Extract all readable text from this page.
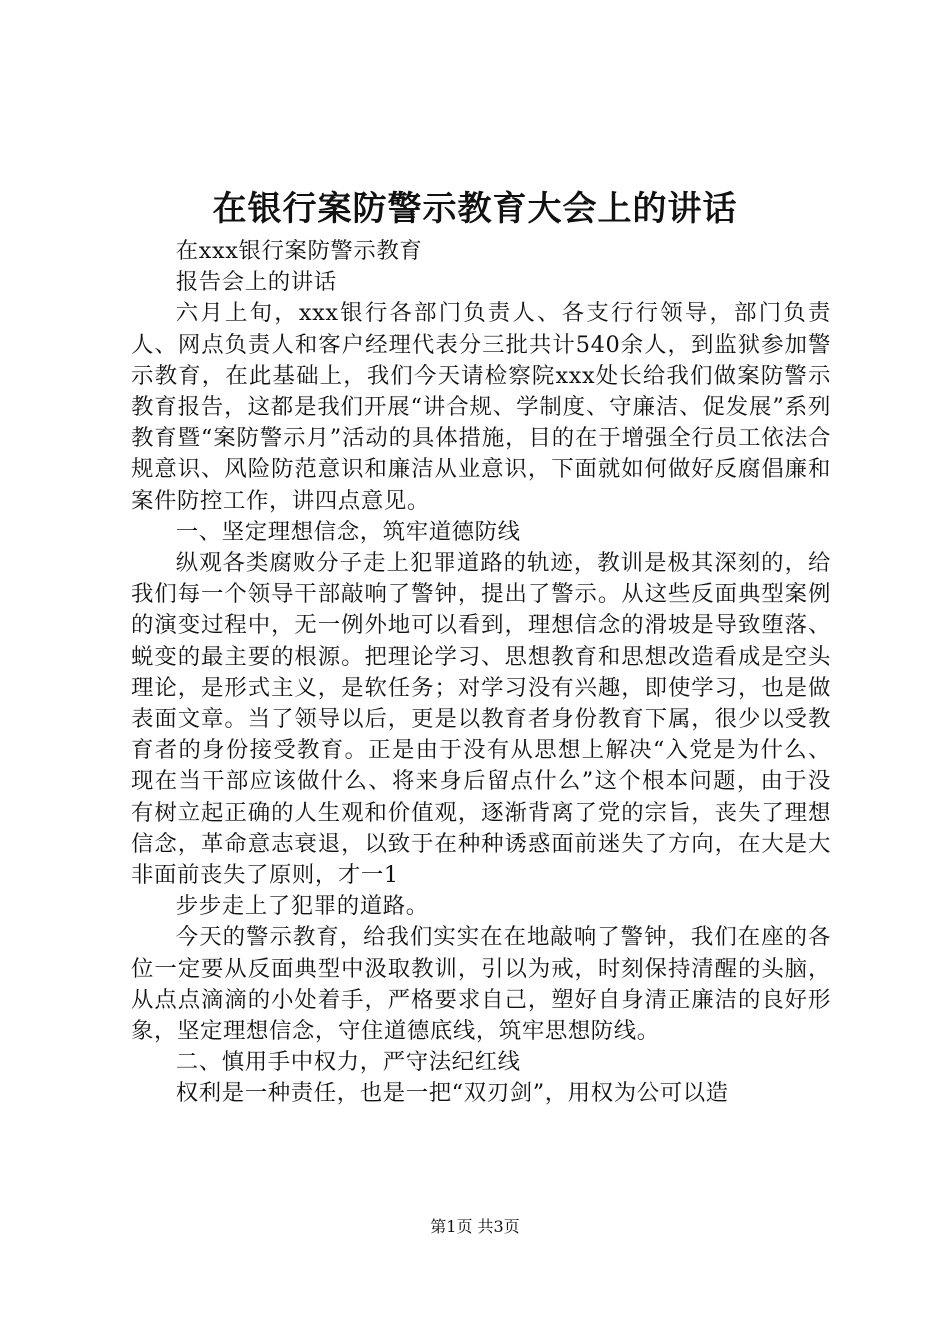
在银行案防警示教育大会上的讲话

在xxx银行案防警示教育

报告会上的讲话

六月上旬，xxx银行各部门负责人、各支行行领导，部门负责人、网点负责人和客户经理代表分三批共计540余人，到监狱参加警示教育，在此基础上，我们今天请检察院xxx处长给我们做案防警示教育报告，这都是我们开展“讲合规、学制度、守廉洁、促发展”系列教育暨“案防警示月”活动的具体措施，目的在于增强全行员工依法合规意识、风险防范意识和廉洁从业意识，下面就如何做好反腐倡廉和案件防控工作，讲四点意见。

一、坚定理想信念，筑牢道德防线

纵观各类腐败分子走上犯罪道路的轨迹，教训是极其深刻的，给我们每一个领导干部敲响了警钟，提出了警示。从这些反面典型案例的演变过程中，无一例外地可以看到，理想信念的滑坡是导致堕落、蜕变的最主要的根源。把理论学习、思想教育和思想改造看成是空头理论，是形式主义，是软任务；对学习没有兴趣，即使学习，也是做表面文章。当了领导以后，更是以教育者身份教育下属，很少以受教育者的身份接受教育。正是由于没有从思想上解决“入党是为什么、现在当干部应该做什么、将来身后留点什么”这个根本问题，由于没有树立起正确的人生观和价值观，逐渐背离了党的宗旨，丧失了理想信念，革命意志衰退，以致于在种种诱惑面前迷失了方向，在大是大非面前丧失了原则，才一1

步步走上了犯罪的道路。

今天的警示教育，给我们实实在在地敲响了警钟，我们在座的各位一定要从反面典型中汲取教训，引以为戒，时刻保持清醒的头脑，从点点滴滴的小处着手，严格要求自己，塑好自身清正廉洁的良好形象，坚定理想信念，守住道德底线，筑牢思想防线。

二、慎用手中权力，严守法纪红线

权利是一种责任，也是一把“双刃剑”，用权为公可以造

第1页 共3页
